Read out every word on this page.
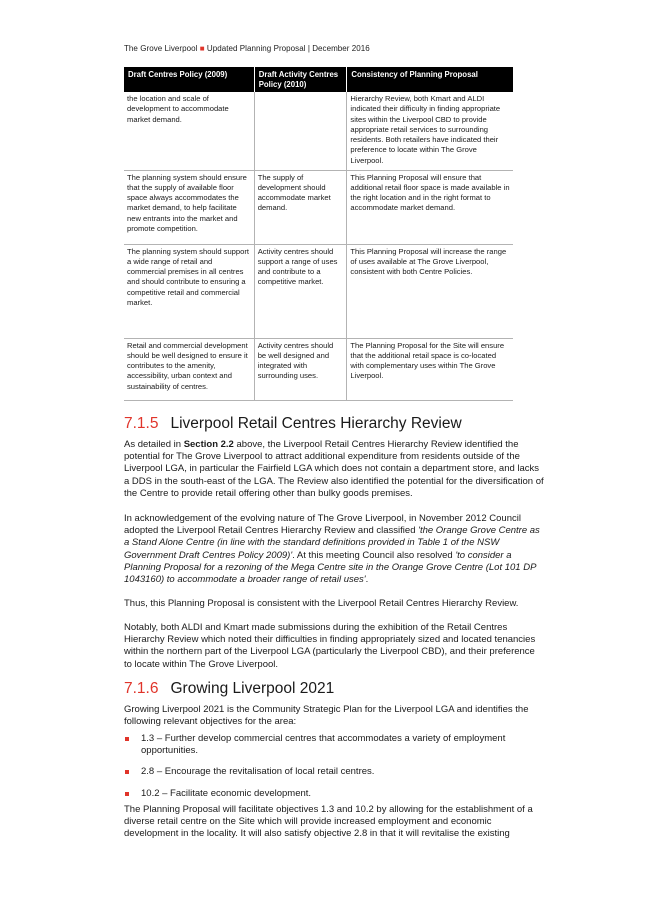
The Grove Liverpool ■ Updated Planning Proposal | December 2016
Draft Centres Policy (2009)	Draft Activity Centres Policy (2010)	Consistency of Planning Proposal
the location and scale of development to accommodate market demand.		Hierarchy Review, both Kmart and ALDI indicated their difficulty in finding appropriate sites within the Liverpool CBD to provide appropriate retail services to surrounding residents. Both retailers have indicated their preference to locate within The Grove Liverpool.
The planning system should ensure that the supply of available floor space always accommodates the market demand, to help facilitate new entrants into the market and promote competition.	The supply of development should accommodate market demand.	This Planning Proposal will ensure that additional retail floor space is made available in the right location and in the right format to accommodate market demand.
The planning system should support a wide range of retail and commercial premises in all centres and should contribute to ensuring a competitive retail and commercial market.	Activity centres should support a range of uses and contribute to a competitive market.	This Planning Proposal will increase the range of uses available at The Grove Liverpool, consistent with both Centre Policies.
Retail and commercial development should be well designed to ensure it contributes to the amenity, accessibility, urban context and sustainability of centres.	Activity centres should be well designed and integrated with surrounding uses.	The Planning Proposal for the Site will ensure that the additional retail space is co-located with complementary uses within The Grove Liverpool.
7.1.5 Liverpool Retail Centres Hierarchy Review

As detailed in Section 2.2 above, the Liverpool Retail Centres Hierarchy Review identified the potential for The Grove Liverpool to attract additional expenditure from residents outside of the Liverpool LGA, in particular the Fairfield LGA which does not contain a department store, and lacks a DDS in the south-east of the LGA. The Review also identified the potential for the diversification of the Centre to provide retail offering other than bulky goods premises.

In acknowledgement of the evolving nature of The Grove Liverpool, in November 2012 Council adopted the Liverpool Retail Centres Hierarchy Review and classified 'the Orange Grove Centre as a Stand Alone Centre (in line with the standard definitions provided in Table 1 of the NSW Government Draft Centres Policy 2009)'. At this meeting Council also resolved 'to consider a Planning Proposal for a rezoning of the Mega Centre site in the Orange Grove Centre (Lot 101 DP 1043160) to accommodate a broader range of retail uses'.

Thus, this Planning Proposal is consistent with the Liverpool Retail Centres Hierarchy Review.

Notably, both ALDI and Kmart made submissions during the exhibition of the Retail Centres Hierarchy Review which noted their difficulties in finding appropriately sized and located tenancies within the northern part of the Liverpool LGA (particularly the Liverpool CBD), and their preference to locate within The Grove Liverpool.

7.1.6 Growing Liverpool 2021

Growing Liverpool 2021 is the Community Strategic Plan for the Liverpool LGA and identifies the following relevant objectives for the area:

1.3 – Further develop commercial centres that accommodates a variety of employment opportunities.
2.8 – Encourage the revitalisation of local retail centres.
10.2 – Facilitate economic development.

The Planning Proposal will facilitate objectives 1.3 and 10.2 by allowing for the establishment of a diverse retail centre on the Site which will provide increased employment and economic development in the locality. It will also satisfy objective 2.8 in that it will revitalise the existing
